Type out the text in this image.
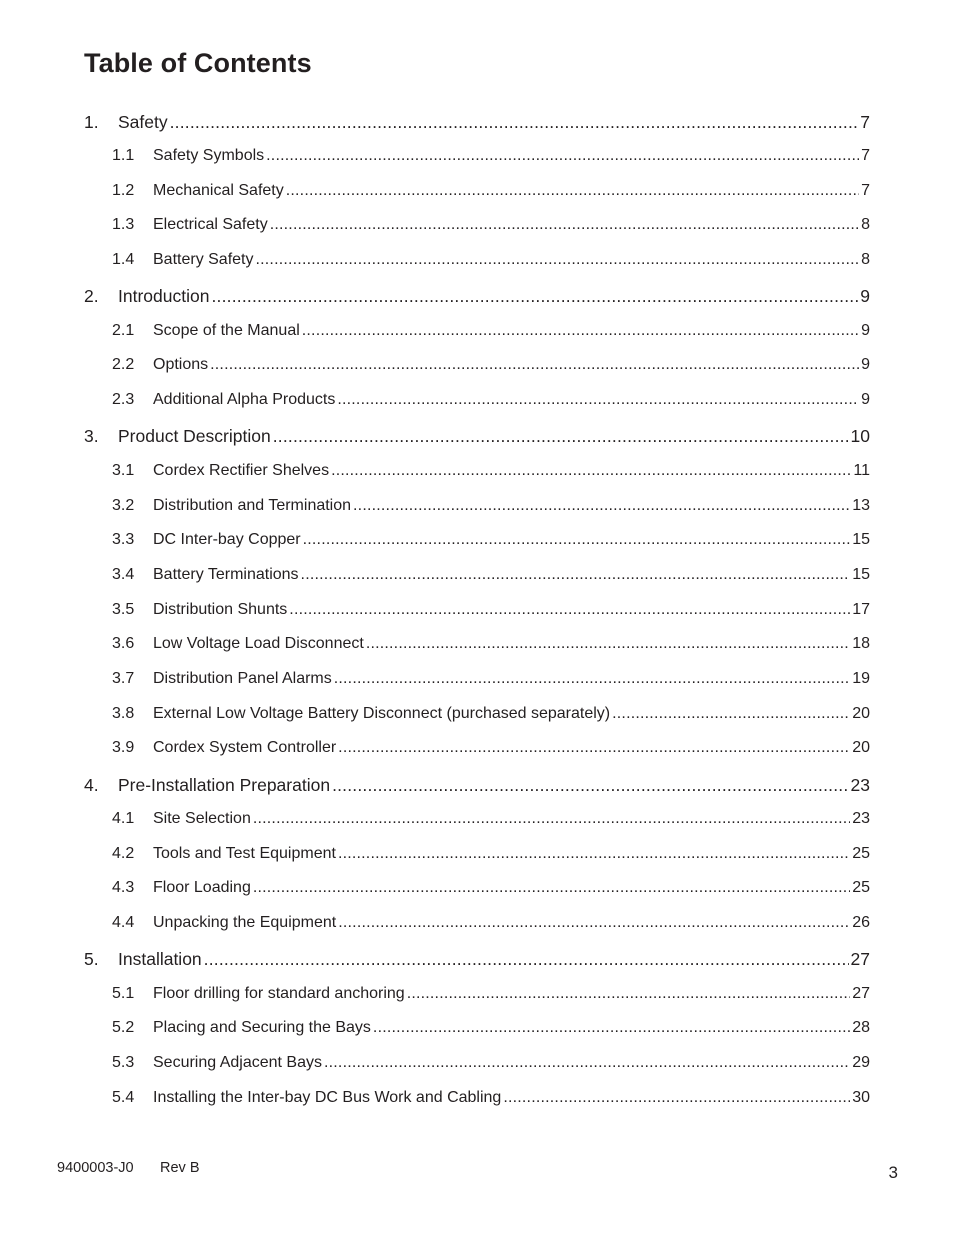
Table of Contents
1.	Safety .....	7
1.1	Safety Symbols .....	7
1.2	Mechanical Safety .....	7
1.3	Electrical Safety .....	8
1.4	Battery Safety .....	8
2.	Introduction .....	9
2.1	Scope of the Manual .....	9
2.2	Options .....	9
2.3	Additional Alpha Products .....	9
3.	Product Description .....	10
3.1	Cordex Rectifier Shelves .....	11
3.2	Distribution and Termination .....	13
3.3	DC Inter-bay Copper .....	15
3.4	Battery Terminations .....	15
3.5	Distribution Shunts .....	17
3.6	Low Voltage Load Disconnect .....	18
3.7	Distribution Panel Alarms .....	19
3.8	External Low Voltage Battery Disconnect (purchased separately) .....	20
3.9	Cordex System Controller .....	20
4.	Pre-Installation Preparation .....	23
4.1	Site Selection .....	23
4.2	Tools and Test Equipment .....	25
4.3	Floor Loading .....	25
4.4	Unpacking the Equipment .....	26
5.	Installation .....	27
5.1	Floor drilling for standard anchoring .....	27
5.2	Placing and Securing the Bays .....	28
5.3	Securing Adjacent Bays .....	29
5.4	Installing the Inter-bay DC Bus Work and Cabling .....	30
9400003-J0 Rev B	3
